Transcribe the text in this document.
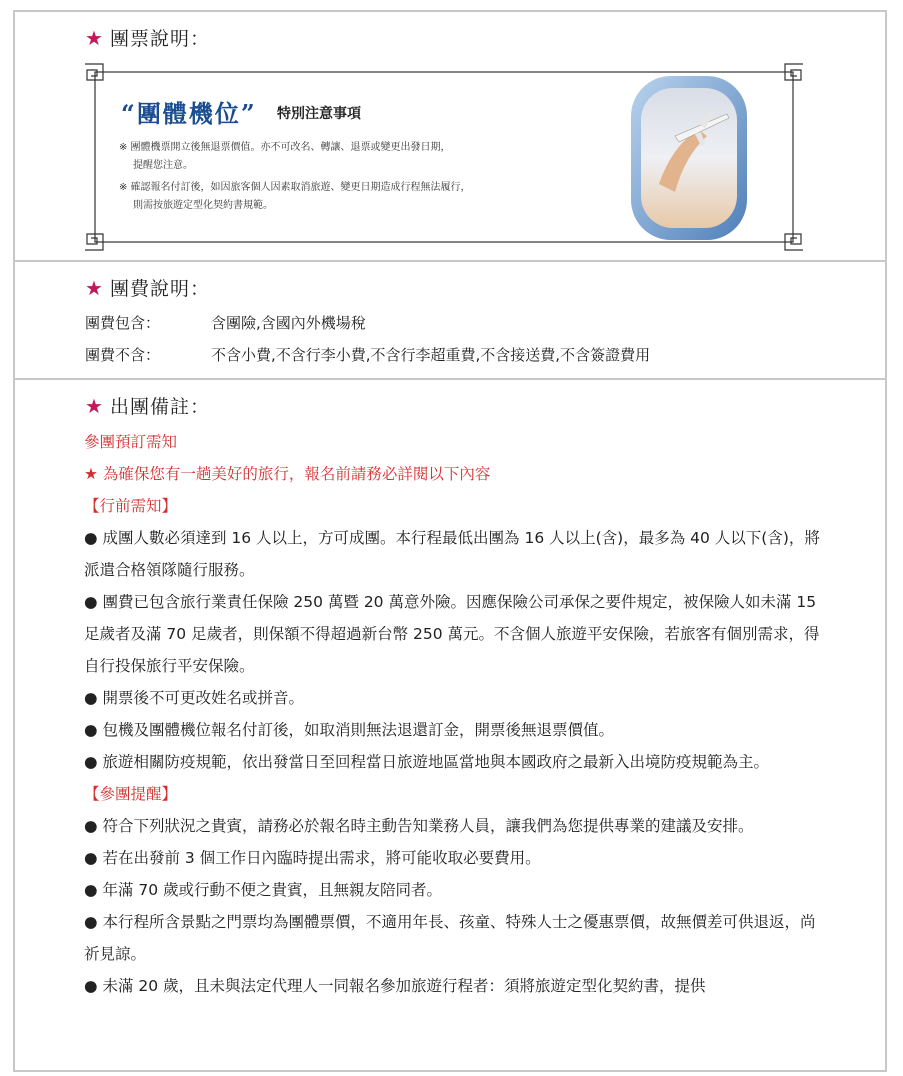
★ 團票說明：
“團體機位” 特別注意事項
※ 團體機票開立後無退票價值。亦不可改名、轉讓、退票或變更出發日期，
提醒您注意。
※ 確認報名付訂後，如因旅客個人因素取消旅遊、變更日期造成行程無法履行，
則需按旅遊定型化契約書規範。
★ 團費說明：
團費包含：	含團險,含國內外機場稅
團費不含：	不含小費,不含行李小費,不含行李超重費,不含接送費,不含簽證費用
★ 出團備註：

參團預訂需知

★ 為確保您有一趟美好的旅行，報名前請務必詳閱以下內容

【行前需知】

● 成團人數必須達到 16 人以上，方可成團。本行程最低出團為 16 人以上(含)，最多為 40 人以下(含)，將派遣合格領隊隨行服務。

● 團費已包含旅行業責任保險 250 萬暨 20 萬意外險。因應保險公司承保之要件規定，被保險人如未滿 15 足歲者及滿 70 足歲者，則保額不得超過新台幣 250 萬元。不含個人旅遊平安保險，若旅客有個別需求，得自行投保旅行平安保險。

● 開票後不可更改姓名或拼音。

● 包機及團體機位報名付訂後，如取消則無法退還訂金，開票後無退票價值。

● 旅遊相關防疫規範，依出發當日至回程當日旅遊地區當地與本國政府之最新入出境防疫規範為主。

【參團提醒】

● 符合下列狀況之貴賓，請務必於報名時主動告知業務人員，讓我們為您提供專業的建議及安排。

● 若在出發前 3 個工作日內臨時提出需求，將可能收取必要費用。

● 年滿 70 歲或行動不便之貴賓，且無親友陪同者。

● 本行程所含景點之門票均為團體票價，不適用年長、孩童、特殊人士之優惠票價，故無價差可供退返，尚祈見諒。

● 未滿 20 歲，且未與法定代理人一同報名參加旅遊行程者：須將旅遊定型化契約書，提供
